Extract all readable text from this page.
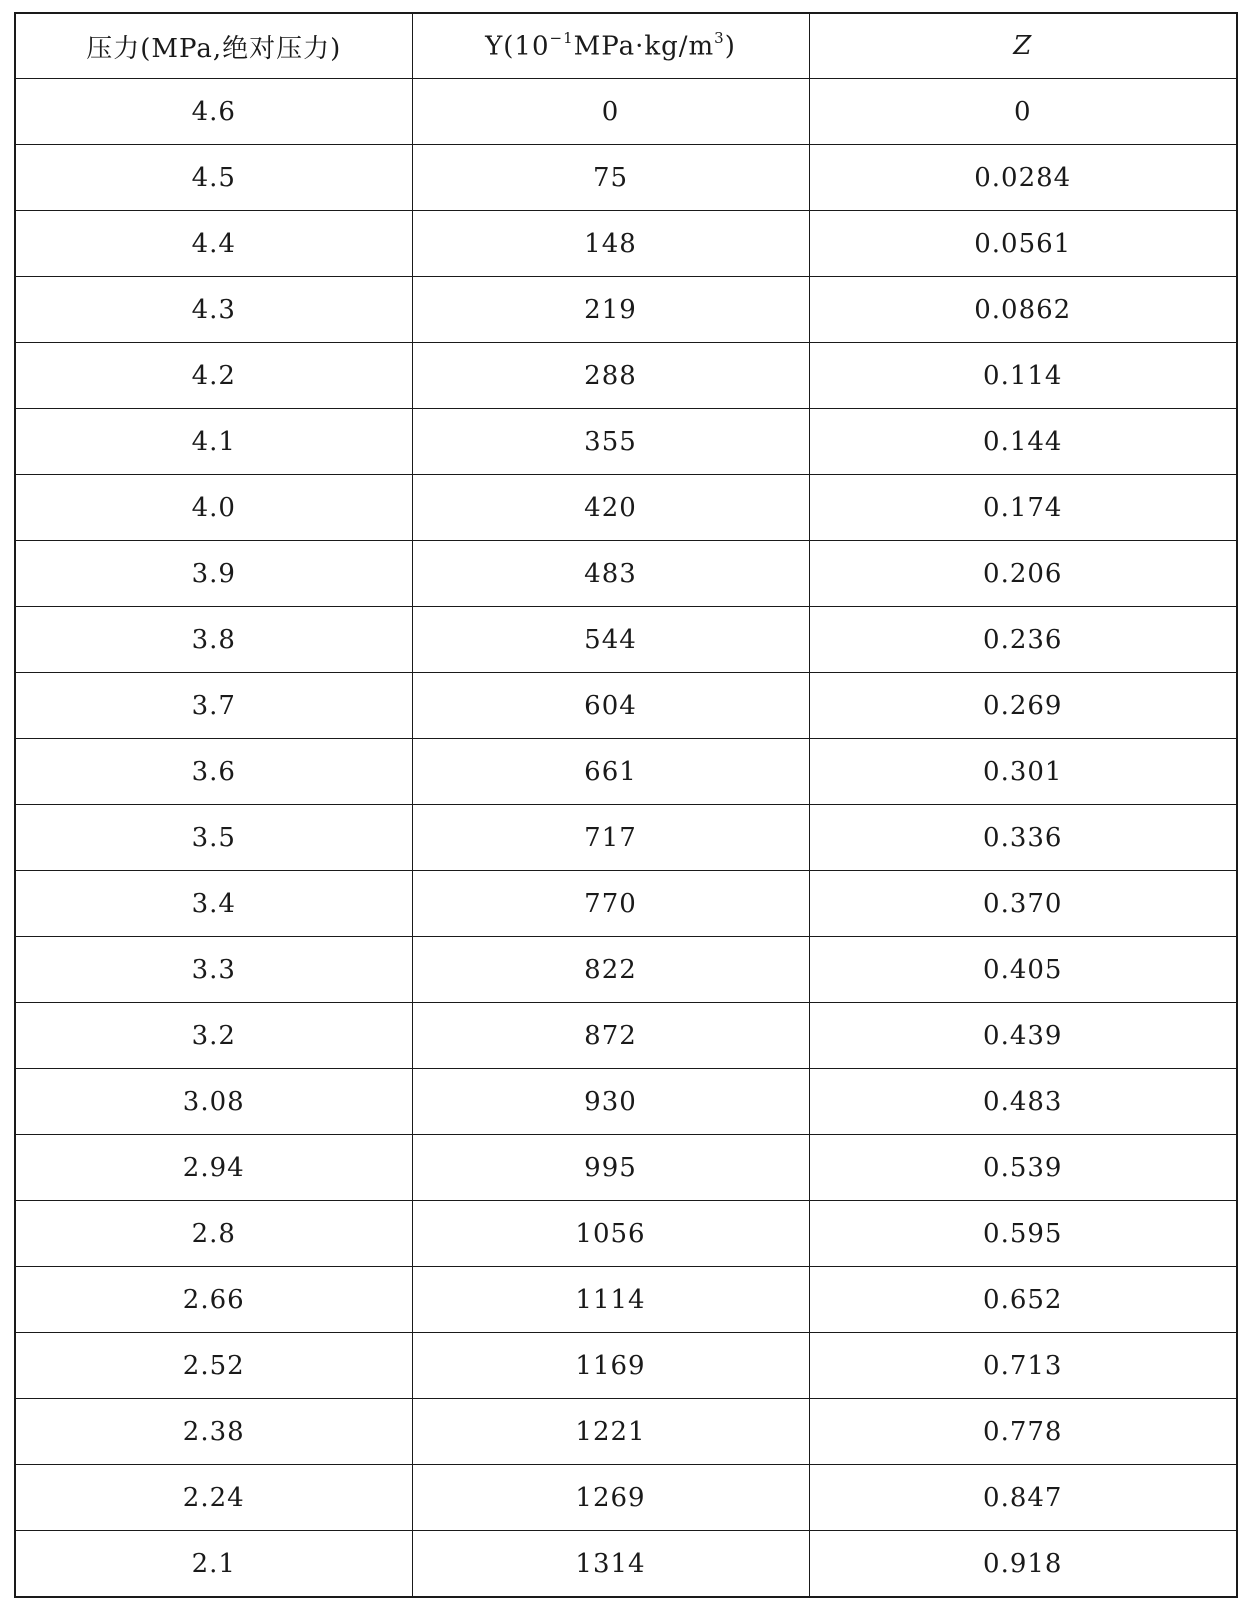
压力(MPa,绝对压力)	$Y(10^{-1}MPa\cdot kg/m^3)$	Z
4.6	0	0
4.5	75	0.0284
4.4	148	0.0561
4.3	219	0.0862
4.2	288	0.114
4.1	355	0.144
4.0	420	0.174
3.9	483	0.206
3.8	544	0.236
3.7	604	0.269
3.6	661	0.301
3.5	717	0.336
3.4	770	0.370
3.3	822	0.405
3.2	872	0.439
3.08	930	0.483
2.94	995	0.539
2.8	1056	0.595
2.66	1114	0.652
2.52	1169	0.713
2.38	1221	0.778
2.24	1269	0.847
2.1	1314	0.918
